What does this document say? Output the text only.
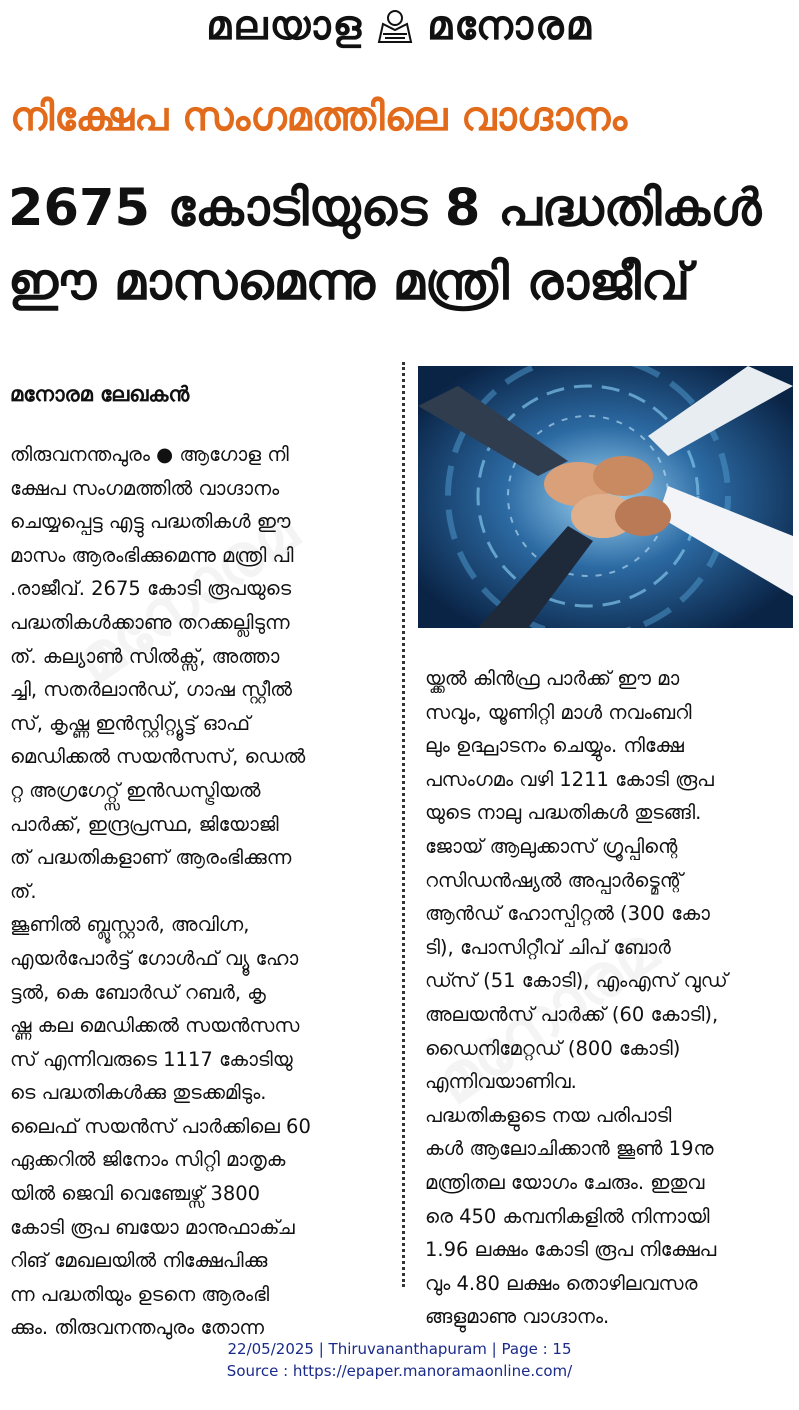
മലയാള മനോരമ
നിക്ഷേപ സംഗമത്തിലെ വാഗ്ദാനം
2675 കോടിയുടെ 8 പദ്ധതികൾ
ഈ മാസമെന്നു മന്ത്രി രാജീവ്
മനോരമ ലേഖകൻ
തിരുവനന്തപുരം ● ആഗോള നി
ക്ഷേപ സംഗമത്തിൽ വാഗ്ദാനം
ചെയ്യപ്പെട്ട എട്ടു പദ്ധതികൾ ഈ
മാസം ആരംഭിക്കുമെന്നു മന്ത്രി പി
.രാജീവ്. 2675 കോടി രൂപയുടെ
പദ്ധതികൾക്കാണു തറക്കല്ലിടുന്ന
ത്. കല്യാൺ സിൽക്സ്, അത്താ
ച്ചി, സതർലാൻഡ്, ഗാഷ സ്റ്റീൽ
സ്, കൃഷ്ണ ഇൻസ്റ്റിറ്റ്യൂട്ട് ഓഫ്
മെഡിക്കൽ സയൻസസ്, ഡെൽ
റ്റ അഗ്രഗേറ്റ്സ് ഇൻഡസ്ട്രിയൽ
പാർക്ക്, ഇന്ദ്രപ്രസ്ഥ, ജിയോജി
ത് പദ്ധതികളാണ് ആരംഭിക്കുന്ന
ത്.
ജൂണിൽ ബ്ലൂസ്റ്റാർ, അവിഗ്ന,
എയർപോർട്ട് ഗോൾഫ് വ്യൂ ഹോ
ട്ടൽ, കെ ബോർഡ് റബർ, കൃ
ഷ്ണ കല മെഡിക്കൽ സയൻസസ
സ് എന്നിവരുടെ 1117 കോടിയു
ടെ പദ്ധതികൾക്കു തുടക്കമിടും.
ലൈഫ് സയൻസ് പാർക്കിലെ 60
ഏക്കറിൽ ജിനോം സിറ്റി മാതൃക
യിൽ ജെവി വെഞ്ചേഴ്സ് 3800
കോടി രൂപ ബയോ മാനുഫാക്ച
റിങ് മേഖലയിൽ നിക്ഷേപിക്കു
ന്ന പദ്ധതിയും ഉടനെ ആരംഭി
ക്കും. തിരുവനന്തപുരം തോന്ന
യ്ക്കൽ കിൻഫ്ര പാർക്ക് ഈ മാ
സവും, യൂണിറ്റി മാൾ നവംബറി
ലും ഉദ്ഘാടനം ചെയ്യും. നിക്ഷേ
പസംഗമം വഴി 1211 കോടി രൂപ
യുടെ നാലു പദ്ധതികൾ തുടങ്ങി.
ജോയ് ആലുക്കാസ് ഗ്രൂപ്പിന്റെ
റസിഡൻഷ്യൽ അപ്പാർട്മെന്റ്
ആൻഡ് ഹോസ്പിറ്റൽ (300 കോ
ടി), പോസിറ്റീവ് ചിപ് ബോർ
ഡ്സ് (51 കോടി), എംഎസ് വുഡ്
അലയൻസ് പാർക്ക് (60 കോടി),
ഡൈനിമേറ്റഡ് (800 കോടി)
എന്നിവയാണിവ.
പദ്ധതികളുടെ നയ പരിപാടി
കൾ ആലോചിക്കാൻ ജൂൺ 19നു
മന്ത്രിതല യോഗം ചേരും. ഇതുവ
രെ 450 കമ്പനികളിൽ നിന്നായി
1.96 ലക്ഷം കോടി രൂപ നിക്ഷേപ
വും 4.80 ലക്ഷം തൊഴിലവസര
ങ്ങളുമാണു വാഗ്ദാനം.
22/05/2025 | Thiruvananthapuram | Page : 15
Source : https://epaper.manoramaonline.com/
